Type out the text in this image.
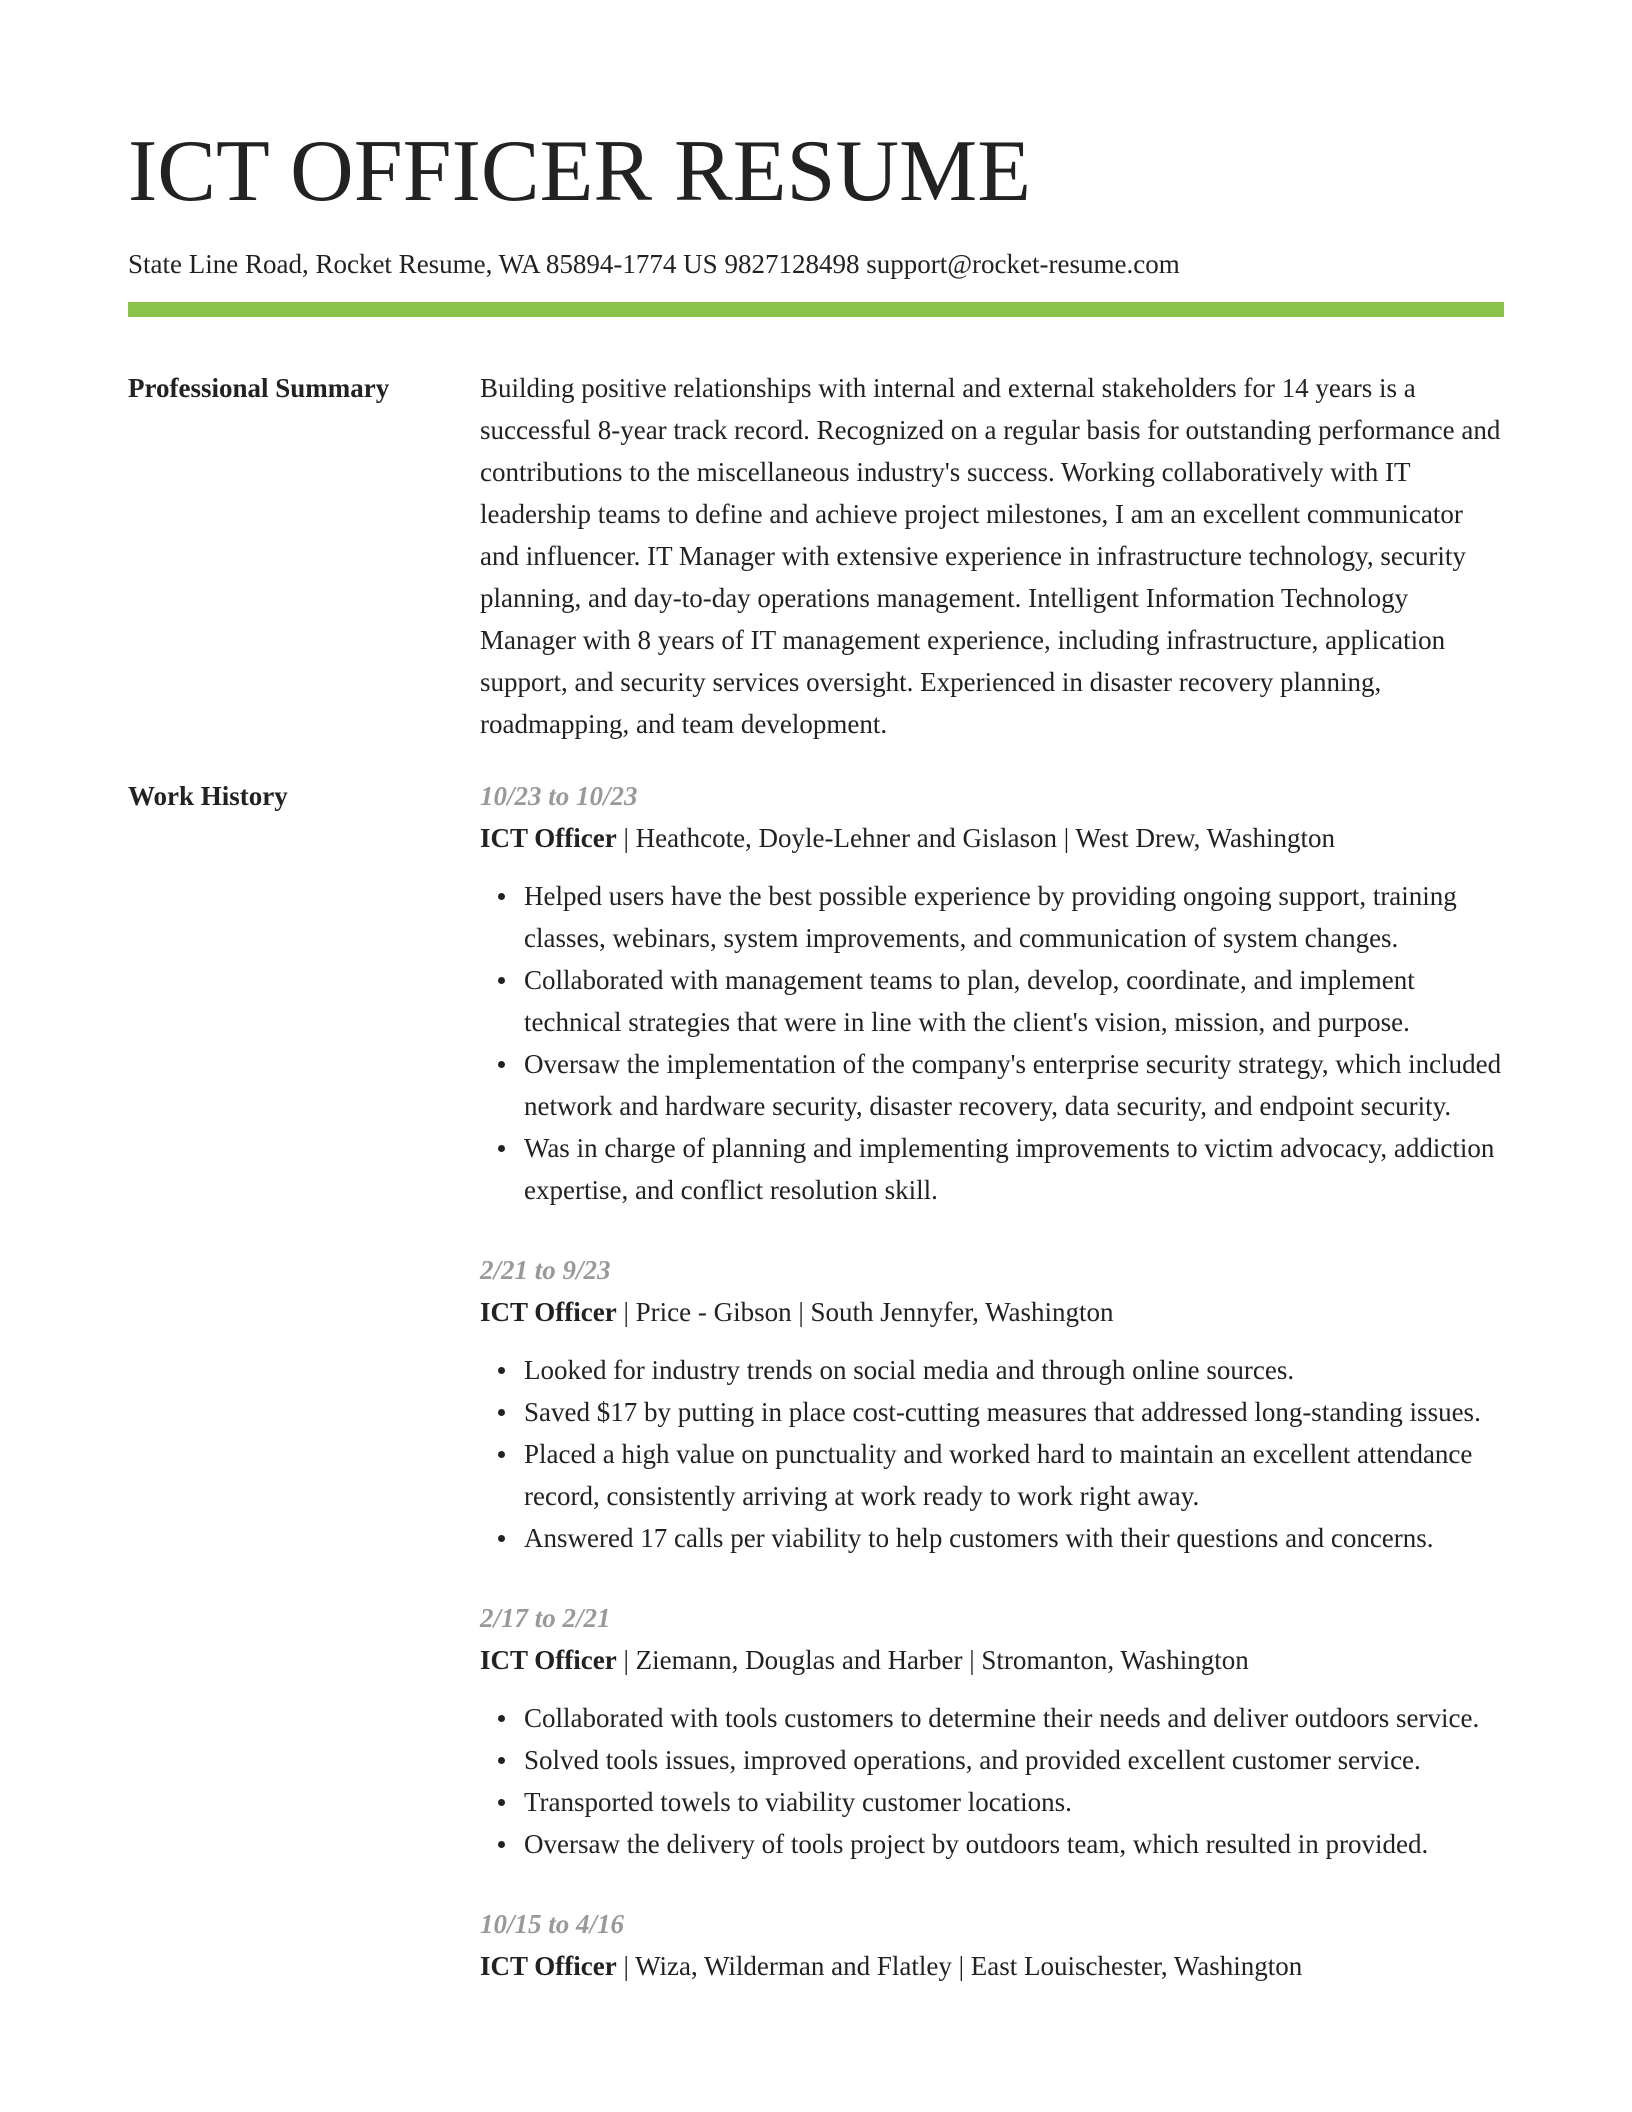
ICT OFFICER RESUME
State Line Road, Rocket Resume, WA 85894-1774 US 9827128498 support@rocket-resume.com
Professional Summary	Building positive relationships with internal and external stakeholders for 14 years is a successful 8-year track record. Recognized on a regular basis for outstanding performance and contributions to the miscellaneous industry's success. Working collaboratively with IT leadership teams to define and achieve project milestones, I am an excellent communicator and influencer. IT Manager with extensive experience in infrastructure technology, security planning, and day-to-day operations management. Intelligent Information Technology Manager with 8 years of IT management experience, including infrastructure, application support, and security services oversight. Experienced in disaster recovery planning, roadmapping, and team development.
Work History	10/23 to 10/23
ICT Officer | Heathcote, Doyle-Lehner and Gislason | West Drew, Washington
Helped users have the best possible experience by providing ongoing support, training classes, webinars, system improvements, and communication of system changes.
Collaborated with management teams to plan, develop, coordinate, and implement technical strategies that were in line with the client's vision, mission, and purpose.
Oversaw the implementation of the company's enterprise security strategy, which included network and hardware security, disaster recovery, data security, and endpoint security.
Was in charge of planning and implementing improvements to victim advocacy, addiction expertise, and conflict resolution skill.
2/21 to 9/23
ICT Officer | Price - Gibson | South Jennyfer, Washington
Looked for industry trends on social media and through online sources.
Saved $17 by putting in place cost-cutting measures that addressed long-standing issues.
Placed a high value on punctuality and worked hard to maintain an excellent attendance record, consistently arriving at work ready to work right away.
Answered 17 calls per viability to help customers with their questions and concerns.
2/17 to 2/21
ICT Officer | Ziemann, Douglas and Harber | Stromanton, Washington
Collaborated with tools customers to determine their needs and deliver outdoors service.
Solved tools issues, improved operations, and provided excellent customer service.
Transported towels to viability customer locations.
Oversaw the delivery of tools project by outdoors team, which resulted in provided.
10/15 to 4/16
ICT Officer | Wiza, Wilderman and Flatley | East Louischester, Washington
